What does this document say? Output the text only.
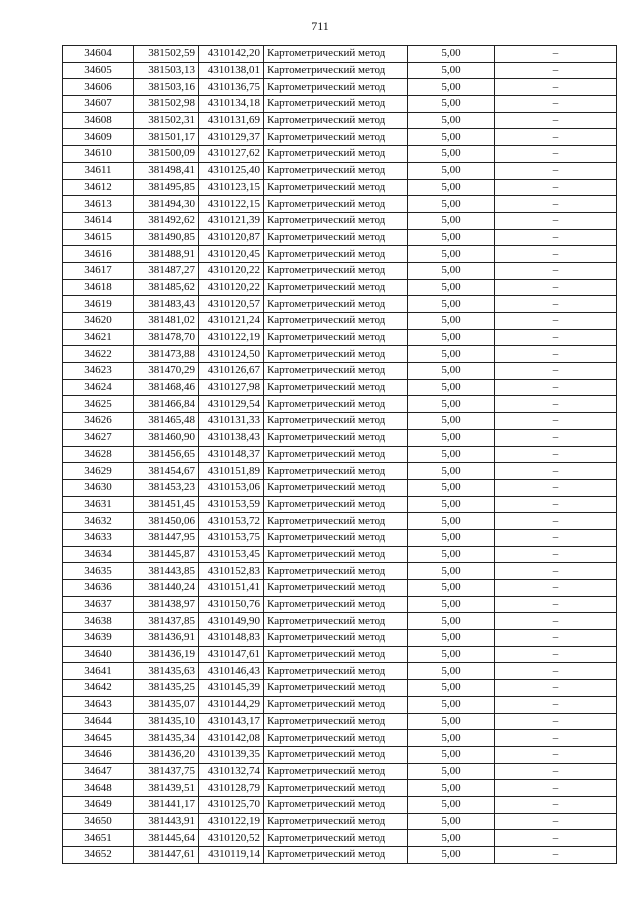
711
34604	381502,59	4310142,20	Картометрический метод	5,00	–
34605	381503,13	4310138,01	Картометрический метод	5,00	–
34606	381503,16	4310136,75	Картометрический метод	5,00	–
34607	381502,98	4310134,18	Картометрический метод	5,00	–
34608	381502,31	4310131,69	Картометрический метод	5,00	–
34609	381501,17	4310129,37	Картометрический метод	5,00	–
34610	381500,09	4310127,62	Картометрический метод	5,00	–
34611	381498,41	4310125,40	Картометрический метод	5,00	–
34612	381495,85	4310123,15	Картометрический метод	5,00	–
34613	381494,30	4310122,15	Картометрический метод	5,00	–
34614	381492,62	4310121,39	Картометрический метод	5,00	–
34615	381490,85	4310120,87	Картометрический метод	5,00	–
34616	381488,91	4310120,45	Картометрический метод	5,00	–
34617	381487,27	4310120,22	Картометрический метод	5,00	–
34618	381485,62	4310120,22	Картометрический метод	5,00	–
34619	381483,43	4310120,57	Картометрический метод	5,00	–
34620	381481,02	4310121,24	Картометрический метод	5,00	–
34621	381478,70	4310122,19	Картометрический метод	5,00	–
34622	381473,88	4310124,50	Картометрический метод	5,00	–
34623	381470,29	4310126,67	Картометрический метод	5,00	–
34624	381468,46	4310127,98	Картометрический метод	5,00	–
34625	381466,84	4310129,54	Картометрический метод	5,00	–
34626	381465,48	4310131,33	Картометрический метод	5,00	–
34627	381460,90	4310138,43	Картометрический метод	5,00	–
34628	381456,65	4310148,37	Картометрический метод	5,00	–
34629	381454,67	4310151,89	Картометрический метод	5,00	–
34630	381453,23	4310153,06	Картометрический метод	5,00	–
34631	381451,45	4310153,59	Картометрический метод	5,00	–
34632	381450,06	4310153,72	Картометрический метод	5,00	–
34633	381447,95	4310153,75	Картометрический метод	5,00	–
34634	381445,87	4310153,45	Картометрический метод	5,00	–
34635	381443,85	4310152,83	Картометрический метод	5,00	–
34636	381440,24	4310151,41	Картометрический метод	5,00	–
34637	381438,97	4310150,76	Картометрический метод	5,00	–
34638	381437,85	4310149,90	Картометрический метод	5,00	–
34639	381436,91	4310148,83	Картометрический метод	5,00	–
34640	381436,19	4310147,61	Картометрический метод	5,00	–
34641	381435,63	4310146,43	Картометрический метод	5,00	–
34642	381435,25	4310145,39	Картометрический метод	5,00	–
34643	381435,07	4310144,29	Картометрический метод	5,00	–
34644	381435,10	4310143,17	Картометрический метод	5,00	–
34645	381435,34	4310142,08	Картометрический метод	5,00	–
34646	381436,20	4310139,35	Картометрический метод	5,00	–
34647	381437,75	4310132,74	Картометрический метод	5,00	–
34648	381439,51	4310128,79	Картометрический метод	5,00	–
34649	381441,17	4310125,70	Картометрический метод	5,00	–
34650	381443,91	4310122,19	Картометрический метод	5,00	–
34651	381445,64	4310120,52	Картометрический метод	5,00	–
34652	381447,61	4310119,14	Картометрический метод	5,00	–
